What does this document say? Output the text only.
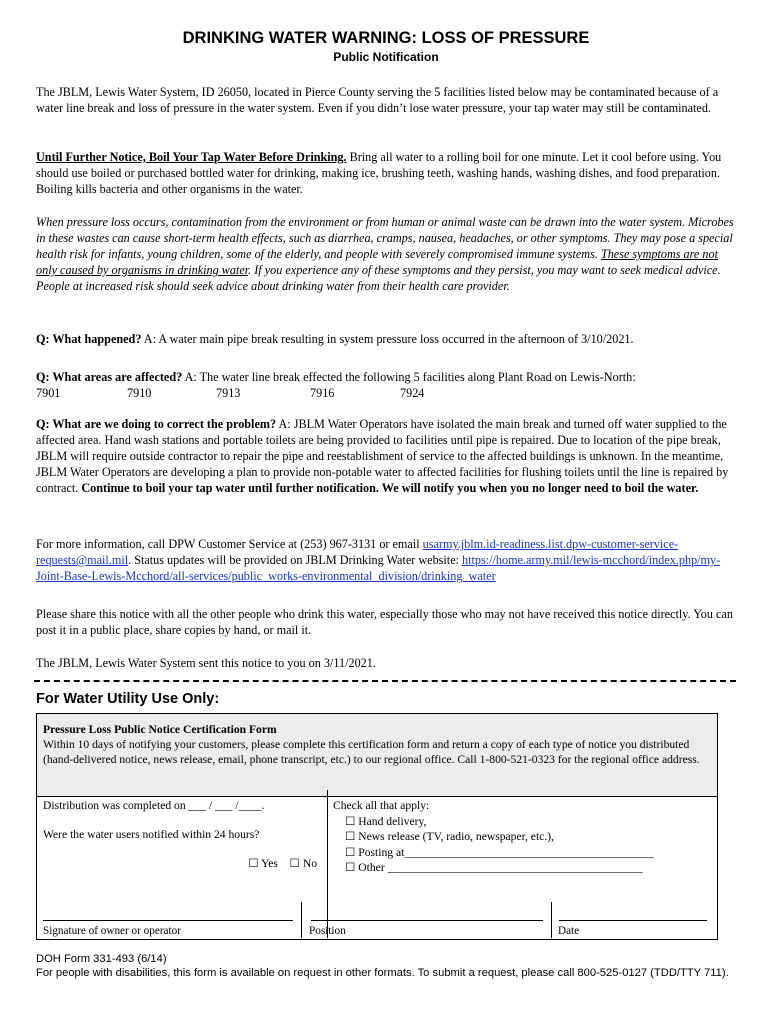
DRINKING WATER WARNING: LOSS OF PRESSURE
Public Notification

The JBLM, Lewis Water System, ID 26050, located in Pierce County serving the 5 facilities listed below may be contaminated because of a water line break and loss of pressure in the water system. Even if you didn’t lose water pressure, your tap water may still be contaminated.

Until Further Notice, Boil Your Tap Water Before Drinking. Bring all water to a rolling boil for one minute. Let it cool before using. You should use boiled or purchased bottled water for drinking, making ice, brushing teeth, washing hands, washing dishes, and food preparation. Boiling kills bacteria and other organisms in the water.

When pressure loss occurs, contamination from the environment or from human or animal waste can be drawn into the water system. Microbes in these wastes can cause short-term health effects, such as diarrhea, cramps, nausea, headaches, or other symptoms. They may pose a special health risk for infants, young children, some of the elderly, and people with severely compromised immune systems. These symptoms are not only caused by organisms in drinking water. If you experience any of these symptoms and they persist, you may want to seek medical advice. People at increased risk should seek advice about drinking water from their health care provider.

Q: What happened? A: A water main pipe break resulting in system pressure loss occurred in the afternoon of 3/10/2021.

Q: What areas are affected? A: The water line break effected the following 5 facilities along Plant Road on Lewis-North:
7901	7910	7913	7916	7924

Q: What are we doing to correct the problem? A: JBLM Water Operators have isolated the main break and turned off water supplied to the affected area. Hand wash stations and portable toilets are being provided to facilities until pipe is repaired. Due to location of the pipe break, JBLM will require outside contractor to repair the pipe and reestablishment of service to the affected buildings is unknown. In the meantime, JBLM Water Operators are developing a plan to provide non-potable water to affected facilities for flushing toilets until the line is repaired by contract. Continue to boil your tap water until further notification. We will notify you when you no longer need to boil the water.

For more information, call DPW Customer Service at (253) 967-3131 or email usarmy.jblm.id-readiness.list.dpw-customer-service-requests@mail.mil. Status updates will be provided on JBLM Drinking Water website: https://home.army.mil/lewis-mcchord/index.php/my-Joint-Base-Lewis-Mcchord/all-services/public_works-environmental_division/drinking_water

Please share this notice with all the other people who drink this water, especially those who may not have received this notice directly. You can post it in a public place, share copies by hand, or mail it.

The JBLM, Lewis Water System sent this notice to you on 3/11/2021.

For Water Utility Use Only:
Pressure Loss Public Notice Certification Form
Within 10 days of notifying your customers, please complete this certification form and return a copy of each type of notice you distributed (hand-delivered notice, news release, email, phone transcript, etc.) to our regional office. Call 1-800-521-0323 for the regional office address.
Distribution was completed on ___ / ___ /____.
Were the water users notified within 24 hours?
☐ Yes ☐ No
Check all that apply:
☐ Hand delivery,
☐ News release (TV, radio, newspaper, etc.),
☐ Posting at___________________________________________
☐ Other ____________________________________________
Signature of owner or operator	Position	Date
DOH Form 331-493 (6/14)
For people with disabilities, this form is available on request in other formats. To submit a request, please call 800-525-0127 (TDD/TTY 711).
